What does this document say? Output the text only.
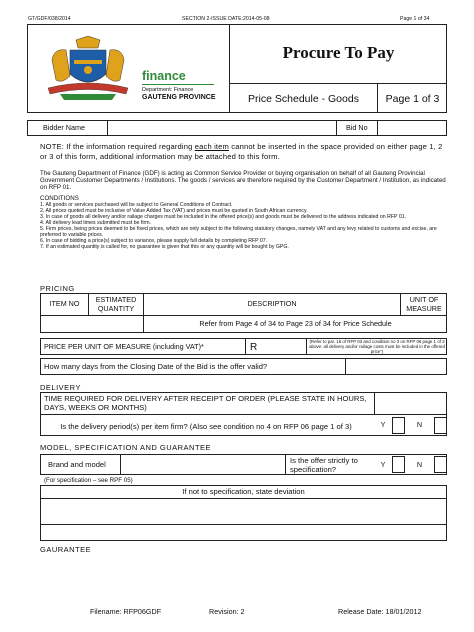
GT/GDF/038/2014	SECTION 2-ISSUE DATE:2014-05-08	Page 1 of 34
finance
Department: Finance
GAUTENG PROVINCE
Procure To Pay
Price Schedule - Goods	Page 1 of 3
Bidder Name	Bid No
NOTE: If the information required regarding each item cannot be inserted in the space provided on either page 1, 2 or 3 of this form, additional information may be attached to this form.
The Gauteng Department of Finance (GDF) is acting as Common Service Provider or buying organisation on behalf of all Gauteng Provincial Government Customer Departments / Institutions. The goods / services are therefore required by the Customer Department / Institution, as indicated on RFP 01.
CONDITIONS
1. All goods or services purchased will be subject to General Conditions of Contract.
2. All prices quoted must be inclusive of Value Added Tax (VAT) and prices must be quoted in South African currency.
3. In case of goods all delivery and/or railage charges must be included in the offered price(s) and goods must be delivered to the address indicated on RFP 01.
4. All delivery lead times submitted must be firm.
5. Firm prices, being prices deemed to be fixed prices, which are only subject to the following statutory changes, namely VAT and any levy related to customs and excise, are preferred to variable prices.
6. In case of bidding a price(s) subject to variance, please supply full details by completing RFP 07.
7. If an estimated quantity is called for, no guarantee is given that this or any quantity will be bought by GPG.
PRICING
ITEM NO	ESTIMATED QUANTITY	DESCRIPTION	UNIT OF MEASURE
Refer from Page 4 of 34 to Page 23 of 34 for Price Schedule
PRICE PER UNIT OF MEASURE (including VAT)*	R	(Refer to par. 16 of RFP 03 and condition no 3 on RFP 06 page 1 of 3 above: all delivery and/or railage costs must be included in the offered price")
How many days from the Closing Date of the Bid is the offer valid?
DELIVERY
TIME REQUIRED FOR DELIVERY AFTER RECEIPT OF ORDER (PLEASE STATE IN HOURS, DAYS, WEEKS OR MONTHS)
Is the delivery period(s) per item firm? (Also see condition no 4 on RFP 06 page 1 of 3)	Y	N
MODEL, SPECIFICATION AND GUARANTEE
Brand and model	Is the offer strictly to specification?
Y	N
(For specification – see RPF 05)
If not to specification, state deviation
GAURANTEE
Filename: RFP06GDF	Revision: 2	Release Date: 18/01/2012
